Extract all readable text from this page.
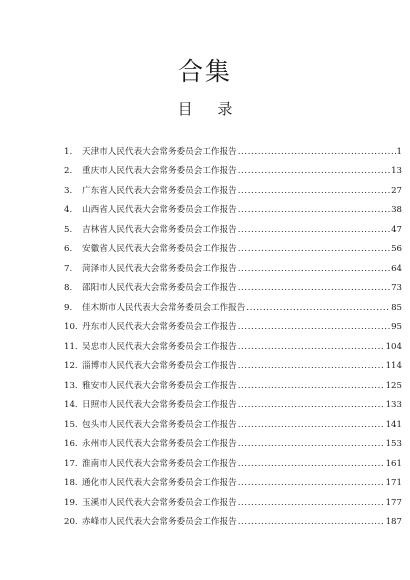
合集
目 录
1.	天津市人民代表大会常务委员会工作报告 .....	1
2.	重庆市人民代表大会常务委员会工作报告 .....	13
3.	广东省人民代表大会常务委员会工作报告 .....	27
4.	山西省人民代表大会常务委员会工作报告 .....	38
5.	吉林省人民代表大会常务委员会工作报告 .....	47
6.	安徽省人民代表大会常务委员会工作报告 .....	56
7.	菏泽市人民代表大会常务委员会工作报告 .....	64
8.	邵阳市人民代表大会常务委员会工作报告 .....	73
9.	佳木斯市人民代表大会常务委员会工作报告 .....	85
10. 丹东市人民代表大会常务委员会工作报告 .....	95
11. 吴忠市人民代表大会常务委员会工作报告 .....	104
12. 淄博市人民代表大会常务委员会工作报告 .....	114
13. 雅安市人民代表大会常务委员会工作报告 .....	125
14. 日照市人民代表大会常务委员会工作报告 .....	133
15. 包头市人民代表大会常务委员会工作报告 .....	141
16. 永州市人民代表大会常务委员会工作报告 .....	153
17. 淮南市人民代表大会常务委员会工作报告 .....	161
18. 通化市人民代表大会常务委员会工作报告 .....	171
19. 玉溪市人民代表大会常务委员会工作报告 .....	177
20. 赤峰市人民代表大会常务委员会工作报告 .....	187
